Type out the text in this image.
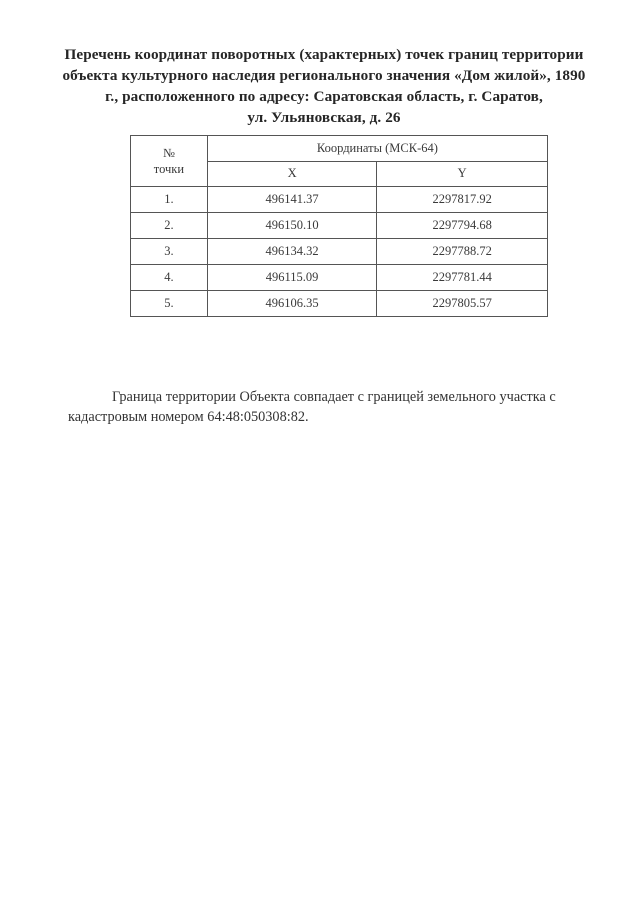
Перечень координат поворотных (характерных) точек границ территории
объекта культурного наследия регионального значения «Дом жилой», 1890
г., расположенного по адресу: Саратовская область, г. Саратов,
ул. Ульяновская, д. 26
№
точки	Координаты (МСК-64)	
	X	Y
1.	496141.37	2297817.92
2.	496150.10	2297794.68
3.	496134.32	2297788.72
4.	496115.09	2297781.44
5.	496106.35	2297805.57
Граница территории Объекта совпадает с границей земельного участка с
кадастровым номером 64:48:050308:82.
